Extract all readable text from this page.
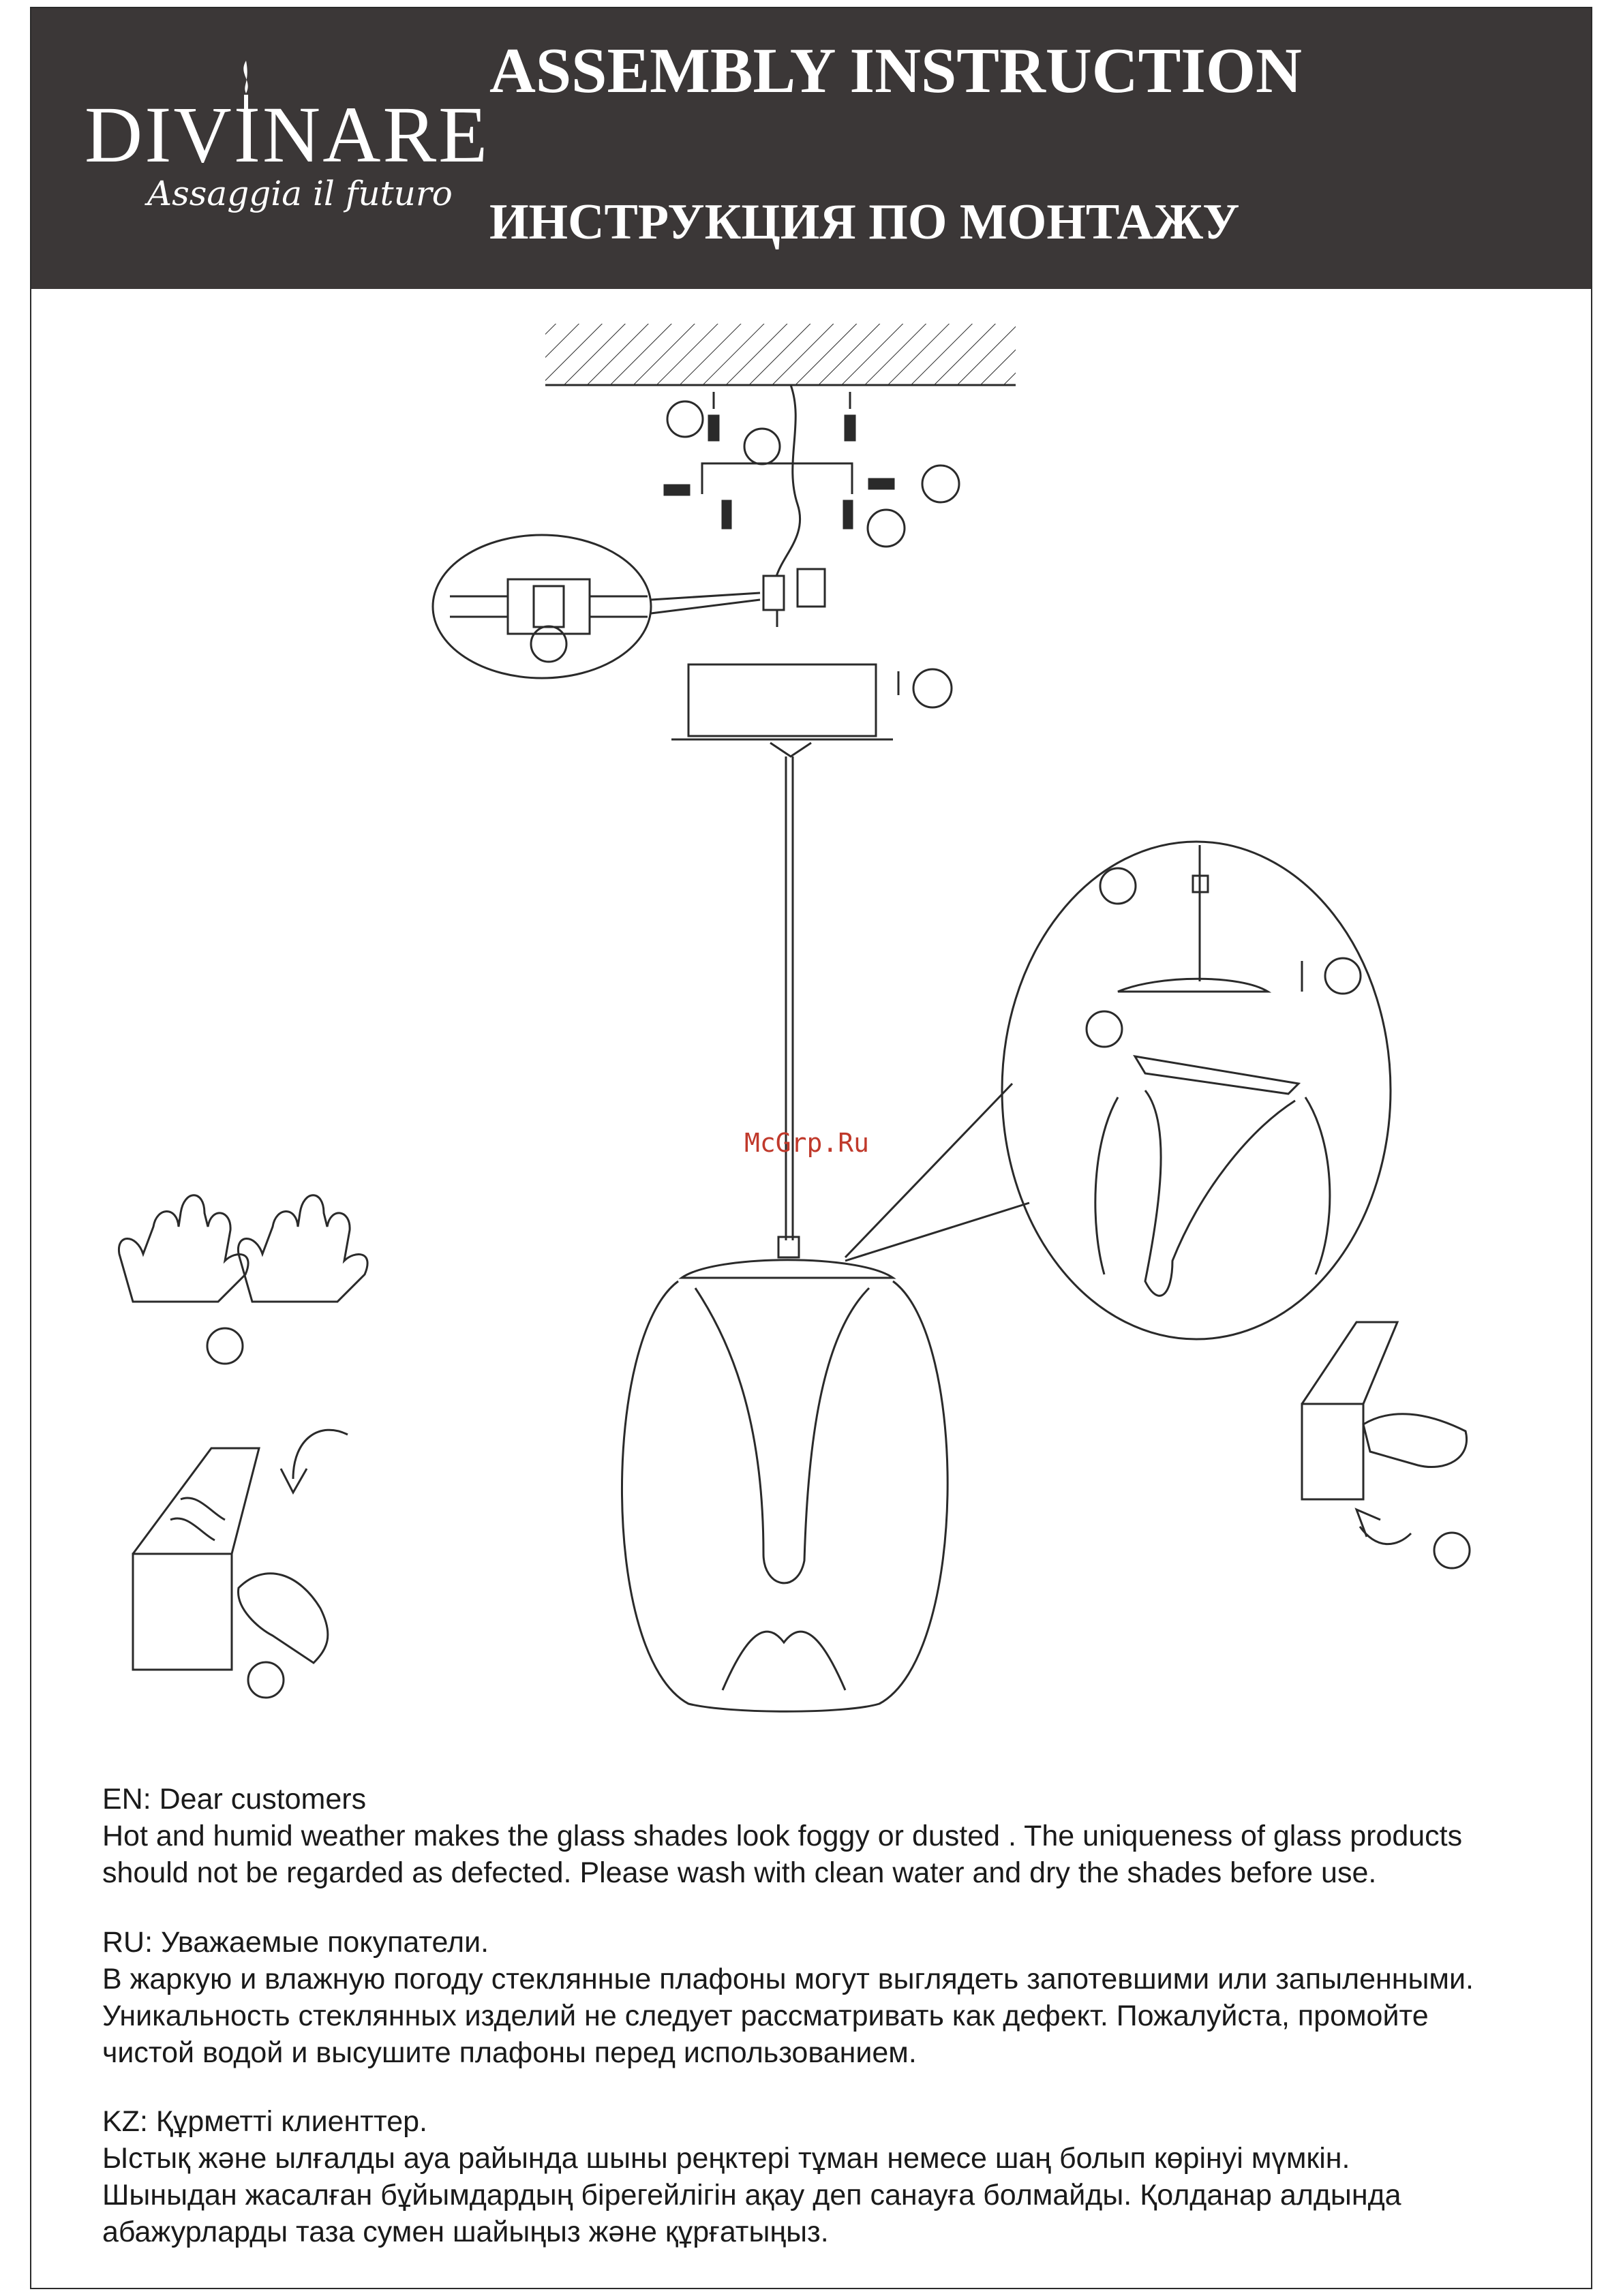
DIVINARE
Assaggia il futuro
ASSEMBLY INSTRUCTION
ИНСТРУКЦИЯ ПО МОНТАЖУ
McGrp.Ru

EN: Dear customers

Hot and humid weather makes the glass shades look foggy or dusted . The uniqueness of glass products

should not be regarded as defected. Please wash with clean water and dry the shades before use.

RU: Уважаемые покупатели.

В жаркую и влажную погоду стеклянные плафоны могут выглядеть запотевшими или запыленными.

Уникальность стеклянных изделий не следует рассматривать как дефект. Пожалуйста, промойте

чистой водой и высушите плафоны перед использованием.

KZ: Құрметті клиенттер.

Ыстық және ылғалды ауа райында шыны реңктері тұман немесе шаң болып көрінуі мүмкін.

Шыныдан жасалған бұйымдардың бірегейлігін ақау деп санауға болмайды. Қолданар алдында

абажурларды таза сумен шайыңыз және құрғатыңыз.
